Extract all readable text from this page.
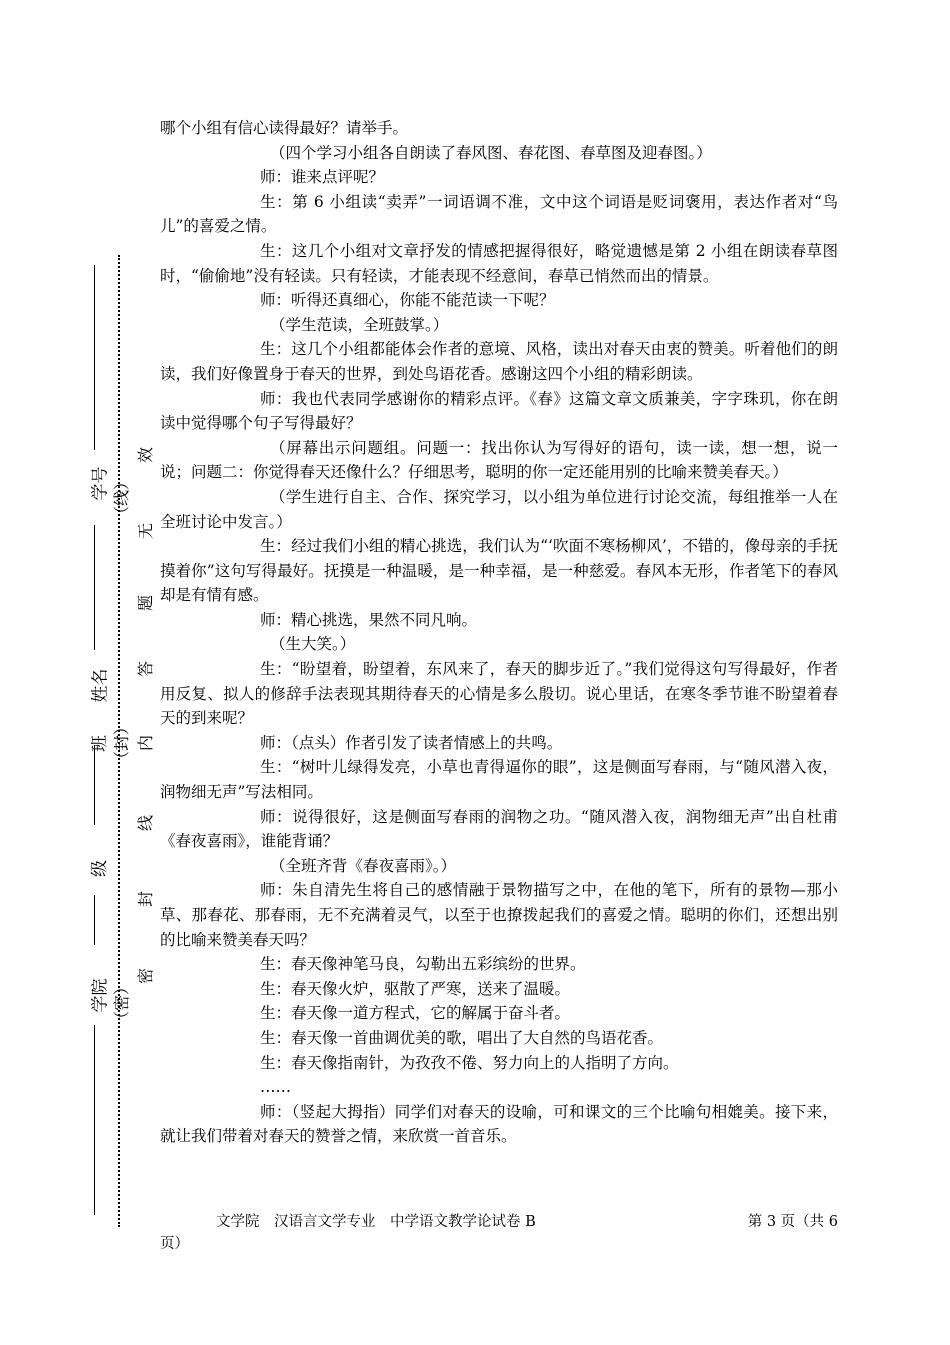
学号
姓名
班
级
学院
（线）
（封）
（密）
效
无
题
答
内
线
封
密

哪个小组有信心读得最好？请举手。

（四个学习小组各自朗读了春风图、春花图、春草图及迎春图。）

师：谁来点评呢？

生：第 6 小组读“卖弄”一词语调不准，文中这个词语是贬词褒用，表达作者对“鸟儿”的喜爱之情。

生：这几个小组对文章抒发的情感把握得很好，略觉遗憾是第 2 小组在朗读春草图时，“偷偷地”没有轻读。只有轻读，才能表现不经意间，春草已悄然而出的情景。

师：听得还真细心，你能不能范读一下呢？

（学生范读，全班鼓掌。）

生：这几个小组都能体会作者的意境、风格，读出对春天由衷的赞美。听着他们的朗读，我们好像置身于春天的世界，到处鸟语花香。感谢这四个小组的精彩朗读。

师：我也代表同学感谢你的精彩点评。《春》这篇文章文质兼美，字字珠玑，你在朗读中觉得哪个句子写得最好？

（屏幕出示问题组。问题一：找出你认为写得好的语句，读一读，想一想，说一说；问题二：你觉得春天还像什么？仔细思考，聪明的你一定还能用别的比喻来赞美春天。）

（学生进行自主、合作、探究学习，以小组为单位进行讨论交流，每组推举一人在全班讨论中发言。）

生：经过我们小组的精心挑选，我们认为“‘吹面不寒杨柳风’，不错的，像母亲的手抚摸着你”这句写得最好。抚摸是一种温暖，是一种幸福，是一种慈爱。春风本无形，作者笔下的春风却是有情有感。

师：精心挑选，果然不同凡响。

（生大笑。）

生：“盼望着，盼望着，东风来了，春天的脚步近了。”我们觉得这句写得最好，作者用反复、拟人的修辞手法表现其期待春天的心情是多么殷切。说心里话，在寒冬季节谁不盼望着春天的到来呢？

师：（点头）作者引发了读者情感上的共鸣。

生：“树叶儿绿得发亮，小草也青得逼你的眼”，这是侧面写春雨，与“随风潜入夜，润物细无声”写法相同。

师：说得很好，这是侧面写春雨的润物之功。“随风潜入夜，润物细无声”出自杜甫《春夜喜雨》，谁能背诵？

（全班齐背《春夜喜雨》。）

师：朱自清先生将自己的感情融于景物描写之中，在他的笔下，所有的景物—那小草、那春花、那春雨，无不充满着灵气，以至于也撩拨起我们的喜爱之情。聪明的你们，还想出别的比喻来赞美春天吗？

生：春天像神笔马良，勾勒出五彩缤纷的世界。

生：春天像火炉，驱散了严寒，送来了温暖。

生：春天像一道方程式，它的解属于奋斗者。

生：春天像一首曲调优美的歌，唱出了大自然的鸟语花香。

生：春天像指南针，为孜孜不倦、努力向上的人指明了方向。

……

师：（竖起大拇指）同学们对春天的设喻，可和课文的三个比喻句相媲美。接下来，就让我们带着对春天的赞誉之情，来欣赏一首音乐。

文学院　汉语言文学专业　中学语文教学论试卷 B	第 3 页（共 6
页）
